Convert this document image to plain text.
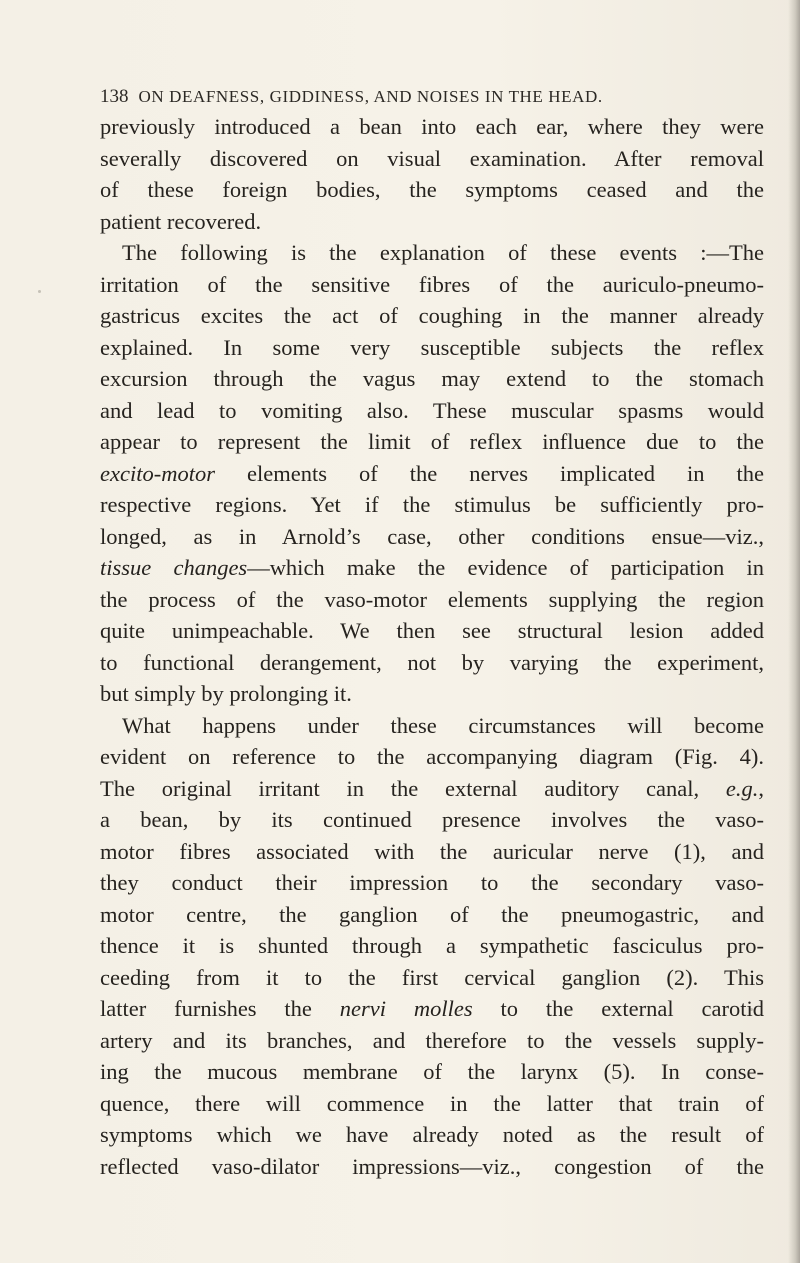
138 ON DEAFNESS, GIDDINESS, AND NOISES IN THE HEAD.

previously introduced a bean into each ear, where they were
severally discovered on visual examination. After removal
of these foreign bodies, the symptoms ceased and the
patient recovered.

The following is the explanation of these events :—The
irritation of the sensitive fibres of the auriculo-pneumo-
gastricus excites the act of coughing in the manner already
explained. In some very susceptible subjects the reflex
excursion through the vagus may extend to the stomach
and lead to vomiting also. These muscular spasms would
appear to represent the limit of reflex influence due to the
excito-motor elements of the nerves implicated in the
respective regions. Yet if the stimulus be sufficiently pro-
longed, as in Arnold’s case, other conditions ensue—viz.,
tissue changes—which make the evidence of participation in
the process of the vaso-motor elements supplying the region
quite unimpeachable. We then see structural lesion added
to functional derangement, not by varying the experiment,
but simply by prolonging it.

What happens under these circumstances will become
evident on reference to the accompanying diagram (Fig. 4).
The original irritant in the external auditory canal, e.g.,
a bean, by its continued presence involves the vaso-
motor fibres associated with the auricular nerve (1), and
they conduct their impression to the secondary vaso-
motor centre, the ganglion of the pneumogastric, and
thence it is shunted through a sympathetic fasciculus pro-
ceeding from it to the first cervical ganglion (2). This
latter furnishes the nervi molles to the external carotid
artery and its branches, and therefore to the vessels supply-
ing the mucous membrane of the larynx (5). In conse-
quence, there will commence in the latter that train of
symptoms which we have already noted as the result of
reflected vaso-dilator impressions—viz., congestion of the
